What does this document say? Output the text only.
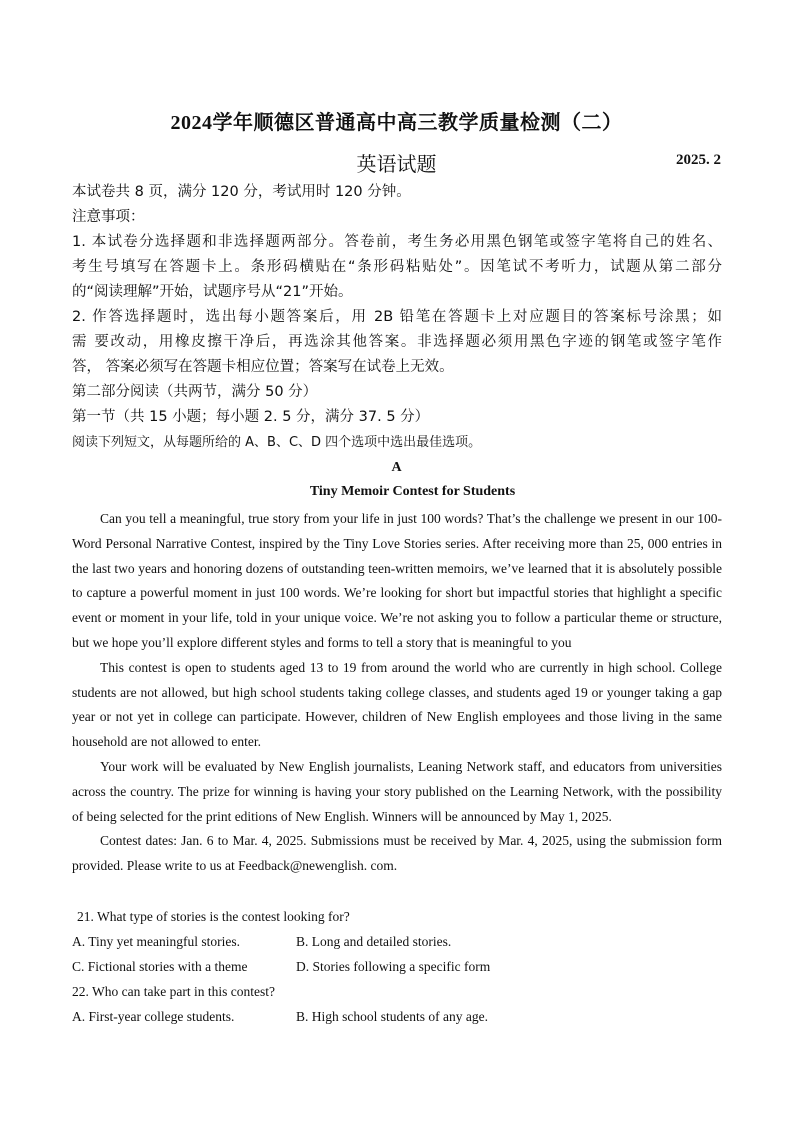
2024学年顺德区普通高中高三教学质量检测（二）
英语试题	2025. 2
本试卷共 8 页，满分 120 分，考试用时 120 分钟。
注意事项：
1. 本试卷分选择题和非选择题两部分。答卷前，考生务必用黑色钢笔或签字笔将自己的姓名、
考生号填写在答题卡上。条形码横贴在“条形码粘贴处”。因笔试不考听力，试题从第二部分
的“阅读理解”开始，试题序号从“21”开始。
2. 作答选择题时，选出每小题答案后，用 2B 铅笔在答题卡上对应题目的答案标号涂黑；如
需 要改动，用橡皮擦干净后，再选涂其他答案。非选择题必须用黑色字迹的钢笔或签字笔作
答， 答案必须写在答题卡相应位置；答案写在试卷上无效。
第二部分阅读（共两节，满分 50 分）
第一节（共 15 小题；每小题 2. 5 分，满分 37. 5 分）
阅读下列短文，从每题所给的 A、B、C、D 四个选项中选出最佳选项。
A
Tiny Memoir Contest for Students

Can you tell a meaningful, true story from your life in just 100 words? That’s the challenge we present in our 100-Word Personal Narrative Contest, inspired by the Tiny Love Stories series. After receiving more than 25, 000 entries in the last two years and honoring dozens of outstanding teen-written memoirs, we’ve learned that it is absolutely possible to capture a powerful moment in just 100 words. We’re looking for short but impactful stories that highlight a specific event or moment in your life, told in your unique voice. We’re not asking you to follow a particular theme or structure, but we hope you’ll explore different styles and forms to tell a story that is meaningful to you

This contest is open to students aged 13 to 19 from around the world who are currently in high school. College students are not allowed, but high school students taking college classes, and students aged 19 or younger taking a gap year or not yet in college can participate. However, children of New English employees and those living in the same household are not allowed to enter.

Your work will be evaluated by New English journalists, Leaning Network staff, and educators from universities across the country. The prize for winning is having your story published on the Learning Network, with the possibility of being selected for the print editions of New English. Winners will be announced by May 1, 2025.

Contest dates: Jan. 6 to Mar. 4, 2025. Submissions must be received by Mar. 4, 2025, using the submission form provided. Please write to us at Feedback@newenglish. com.

21. What type of stories is the contest looking for?
A. Tiny yet meaningful stories.	B. Long and detailed stories.
C. Fictional stories with a theme	D. Stories following a specific form
22. Who can take part in this contest?
A. First-year college students.	B. High school students of any age.
